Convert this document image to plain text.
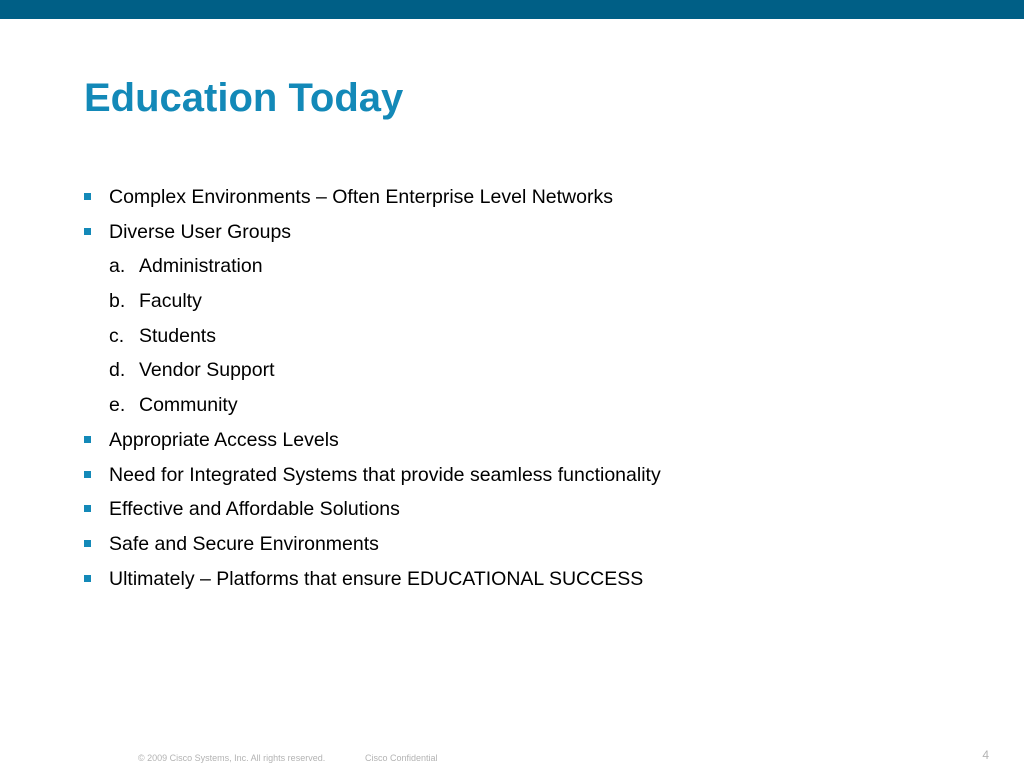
Education Today
Complex Environments – Often Enterprise Level Networks
Diverse User Groups
a. Administration
b. Faculty
c. Students
d. Vendor Support
e. Community
Appropriate Access Levels
Need for Integrated Systems that provide seamless functionality
Effective and Affordable Solutions
Safe and Secure Environments
Ultimately – Platforms that ensure EDUCATIONAL SUCCESS
© 2009 Cisco Systems, Inc. All rights reserved.	Cisco Confidential	4
